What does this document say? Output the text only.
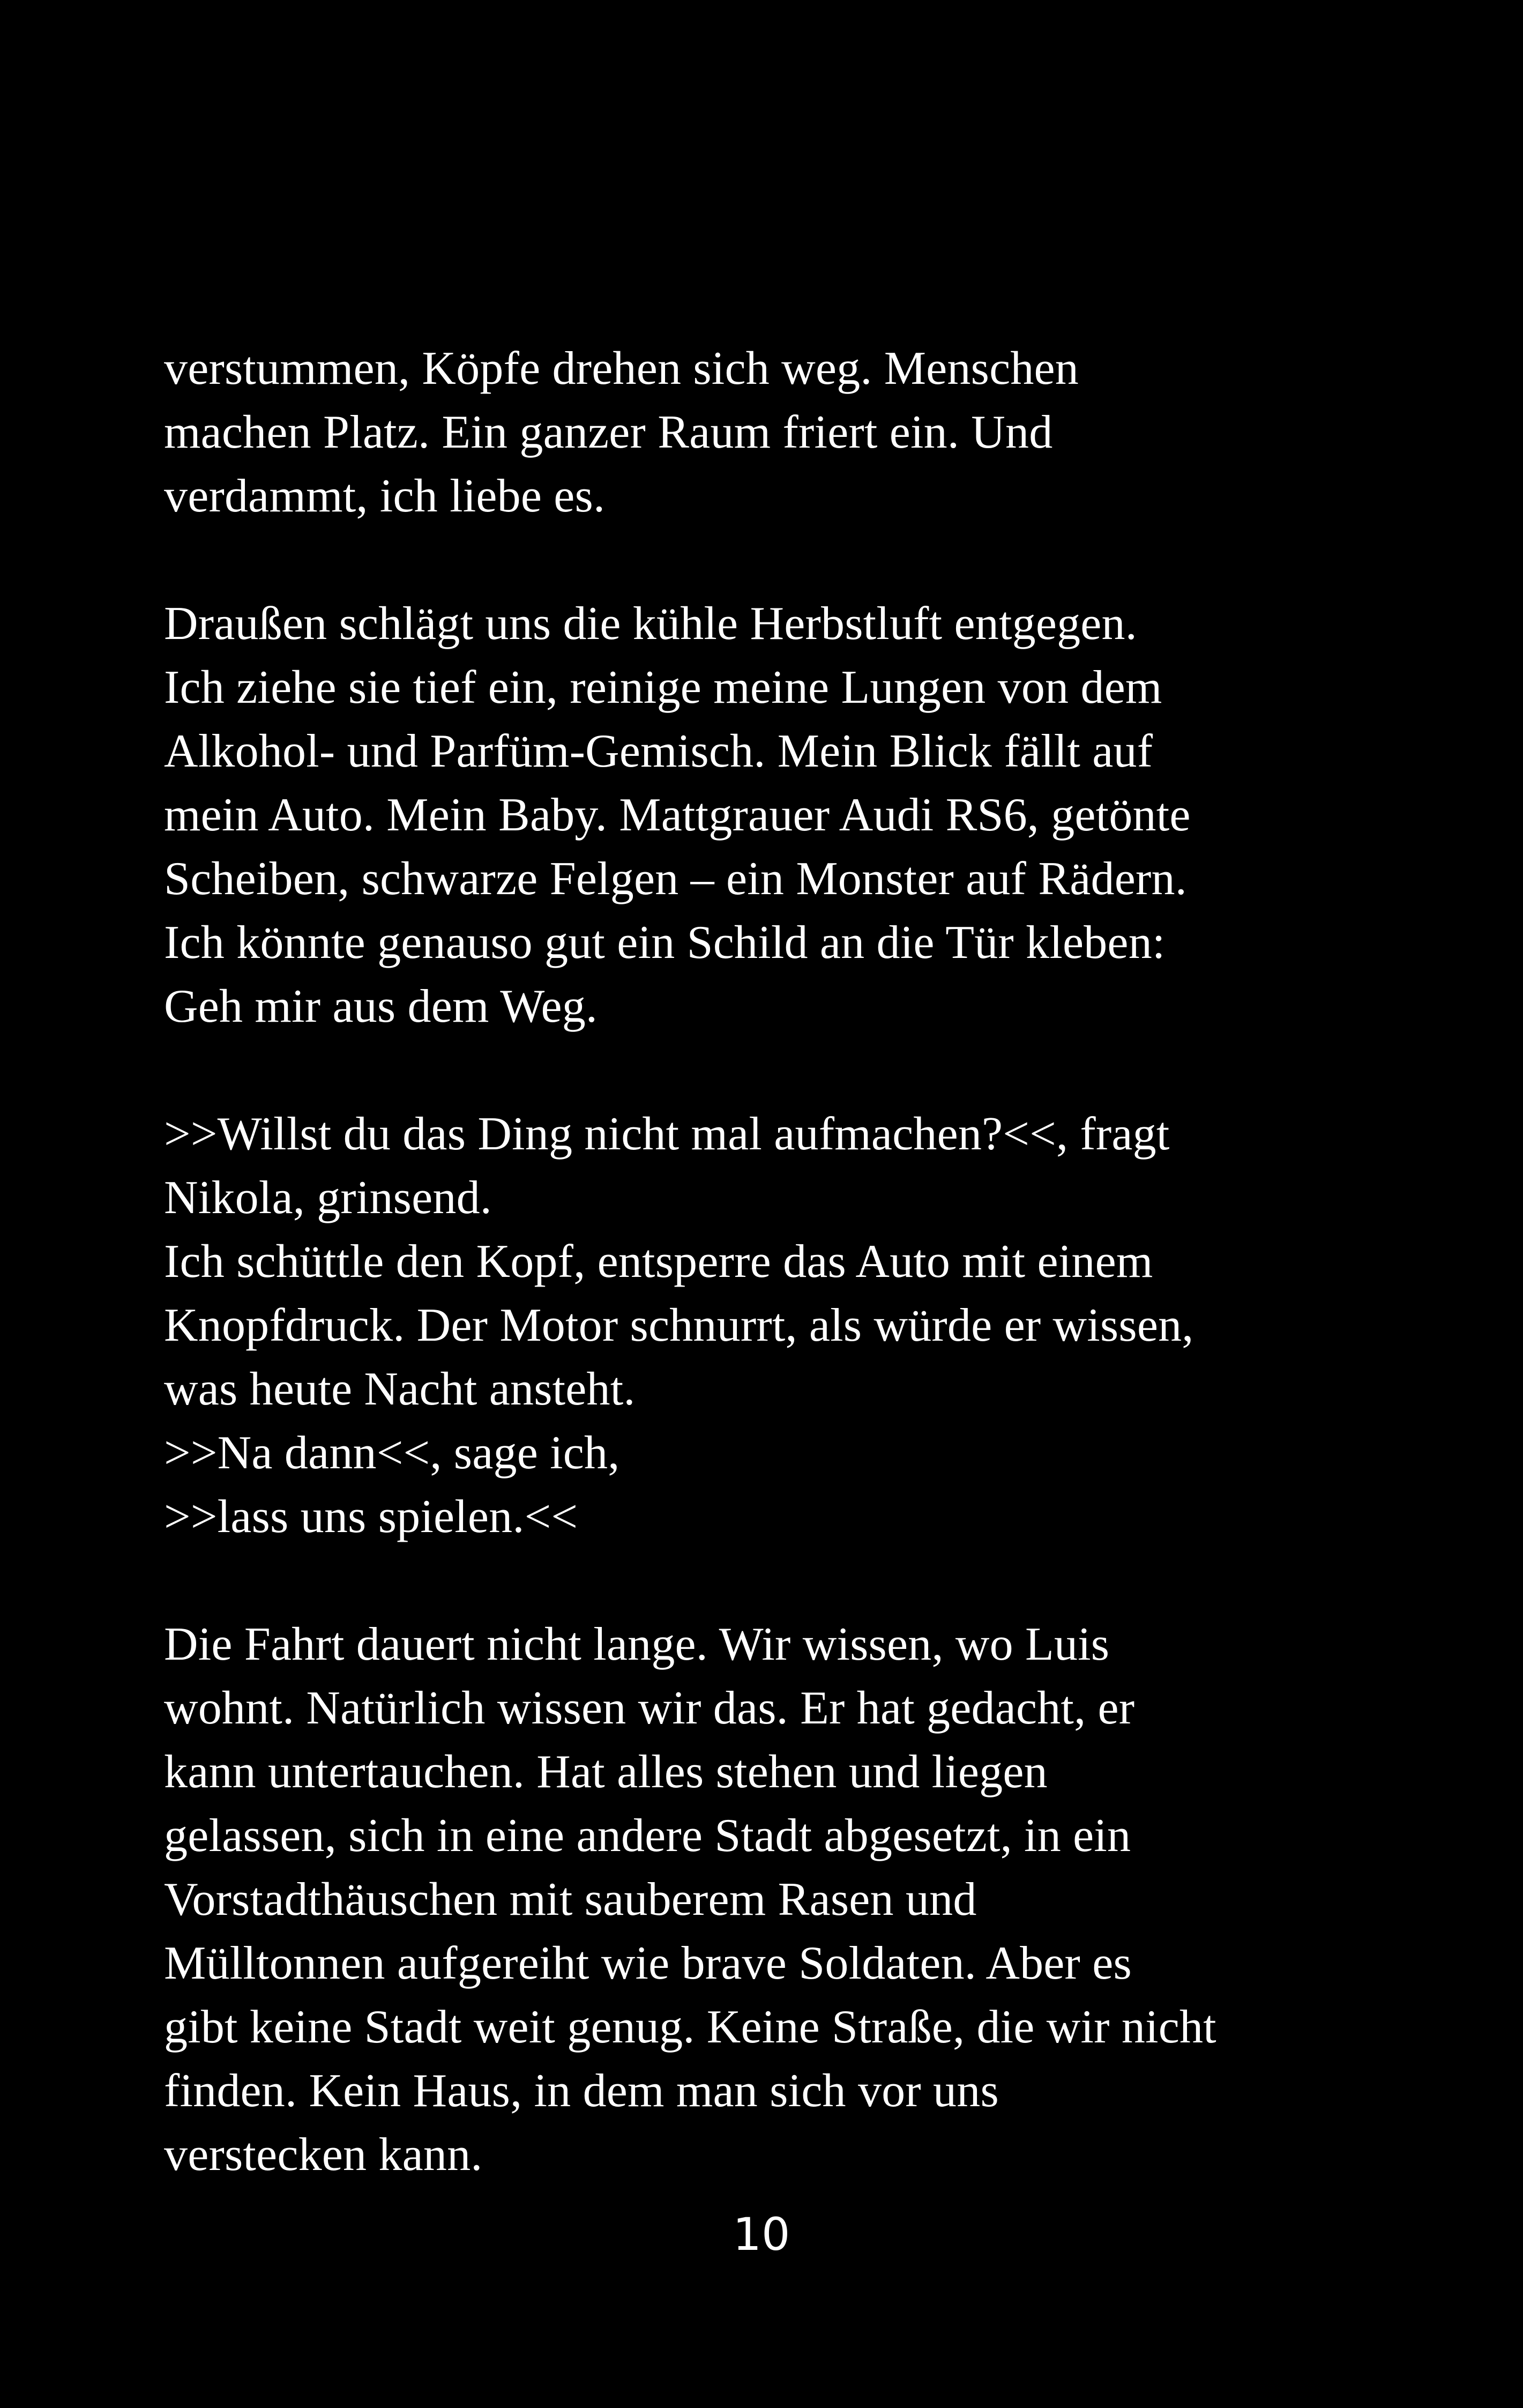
verstummen, Köpfe drehen sich weg. Menschen
machen Platz. Ein ganzer Raum friert ein. Und
verdammt, ich liebe es.

Draußen schlägt uns die kühle Herbstluft entgegen.
Ich ziehe sie tief ein, reinige meine Lungen von dem
Alkohol- und Parfüm-Gemisch. Mein Blick fällt auf
mein Auto. Mein Baby. Mattgrauer Audi RS6, getönte
Scheiben, schwarze Felgen – ein Monster auf Rädern.
Ich könnte genauso gut ein Schild an die Tür kleben:
Geh mir aus dem Weg.

>>Willst du das Ding nicht mal aufmachen?<<, fragt
Nikola, grinsend.
Ich schüttle den Kopf, entsperre das Auto mit einem
Knopfdruck. Der Motor schnurrt, als würde er wissen,
was heute Nacht ansteht.
>>Na dann<<, sage ich,
>>lass uns spielen.<<

Die Fahrt dauert nicht lange. Wir wissen, wo Luis
wohnt. Natürlich wissen wir das. Er hat gedacht, er
kann untertauchen. Hat alles stehen und liegen
gelassen, sich in eine andere Stadt abgesetzt, in ein
Vorstadthäuschen mit sauberem Rasen und
Mülltonnen aufgereiht wie brave Soldaten. Aber es
gibt keine Stadt weit genug. Keine Straße, die wir nicht
finden. Kein Haus, in dem man sich vor uns
verstecken kann.

10
